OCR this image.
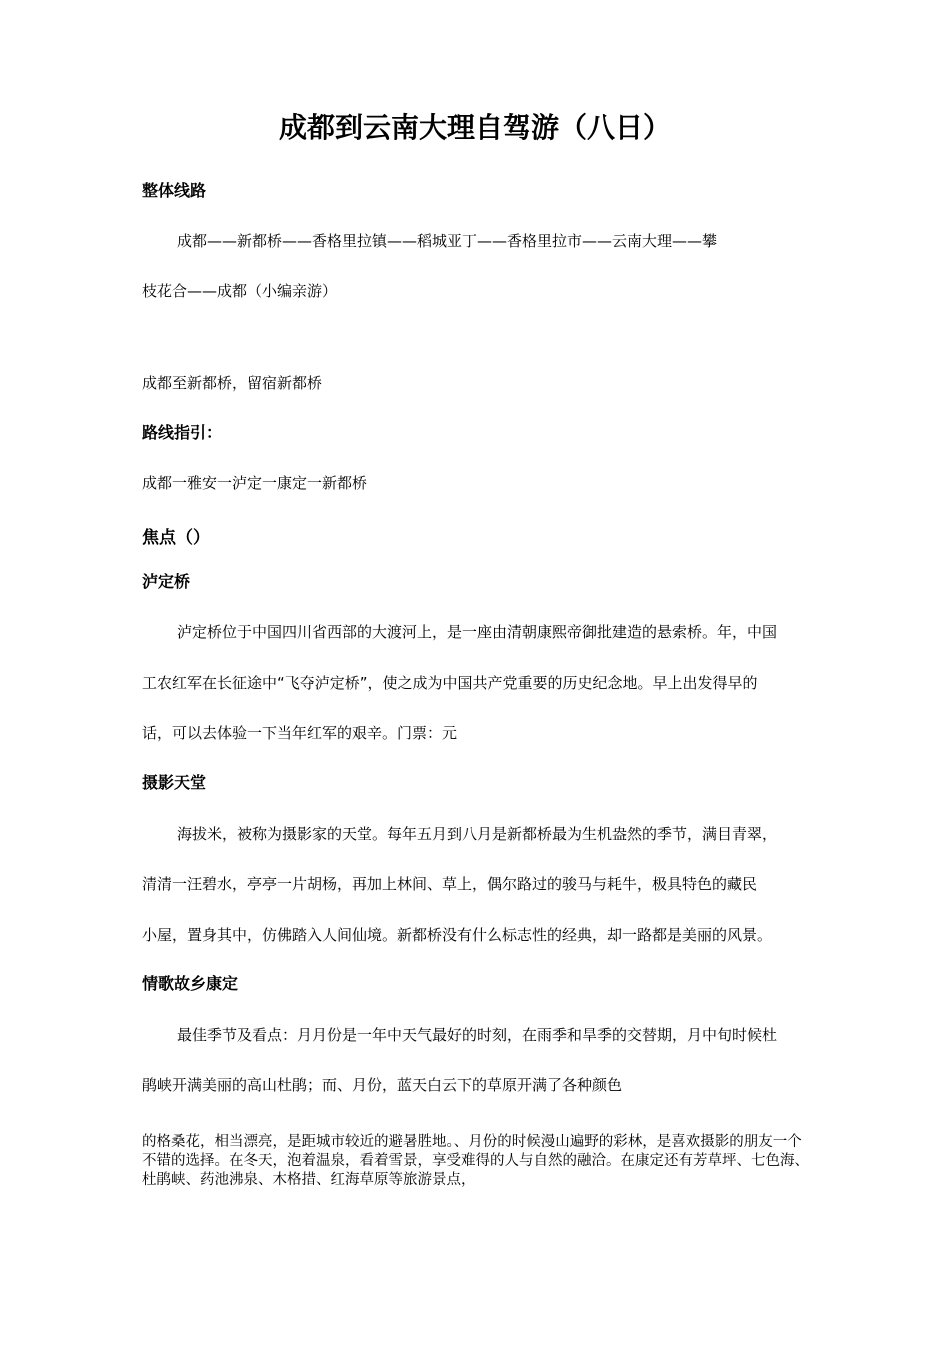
成都到云南大理自驾游（八日）
整体线路
成都——新都桥——香格里拉镇——稻城亚丁——香格里拉市——云南大理——攀
枝花合——成都（小编亲游）
成都至新都桥，留宿新都桥
路线指引：
成都一雅安一泸定一康定一新都桥
焦点（）
泸定桥
泸定桥位于中国四川省西部的大渡河上，是一座由清朝康熙帝御批建造的悬索桥。年，中国
工农红军在长征途中“飞夺泸定桥”，使之成为中国共产党重要的历史纪念地。早上出发得早的
话，可以去体验一下当年红军的艰辛。门票：元
摄影天堂
海拔米，被称为摄影家的天堂。每年五月到八月是新都桥最为生机盎然的季节，满目青翠，
清清一汪碧水，亭亭一片胡杨，再加上林间、草上，偶尔路过的骏马与耗牛，极具特色的藏民
小屋，置身其中，仿佛踏入人间仙境。新都桥没有什么标志性的经典，却一路都是美丽的风景。
情歌故乡康定
最佳季节及看点：月月份是一年中天气最好的时刻，在雨季和旱季的交替期，月中旬时候杜
鹃峡开满美丽的高山杜鹃；而、月份，蓝天白云下的草原开满了各种颜色
的格桑花，相当漂亮，是距城市较近的避暑胜地。、月份的时候漫山遍野的彩林，是喜欢摄影的朋友一个不错的选择。在冬天，泡着温泉，看着雪景，享受难得的人与自然的融洽。在康定还有芳草坪、七色海、杜鹃峡、药池沸泉、木格措、红海草原等旅游景点，
